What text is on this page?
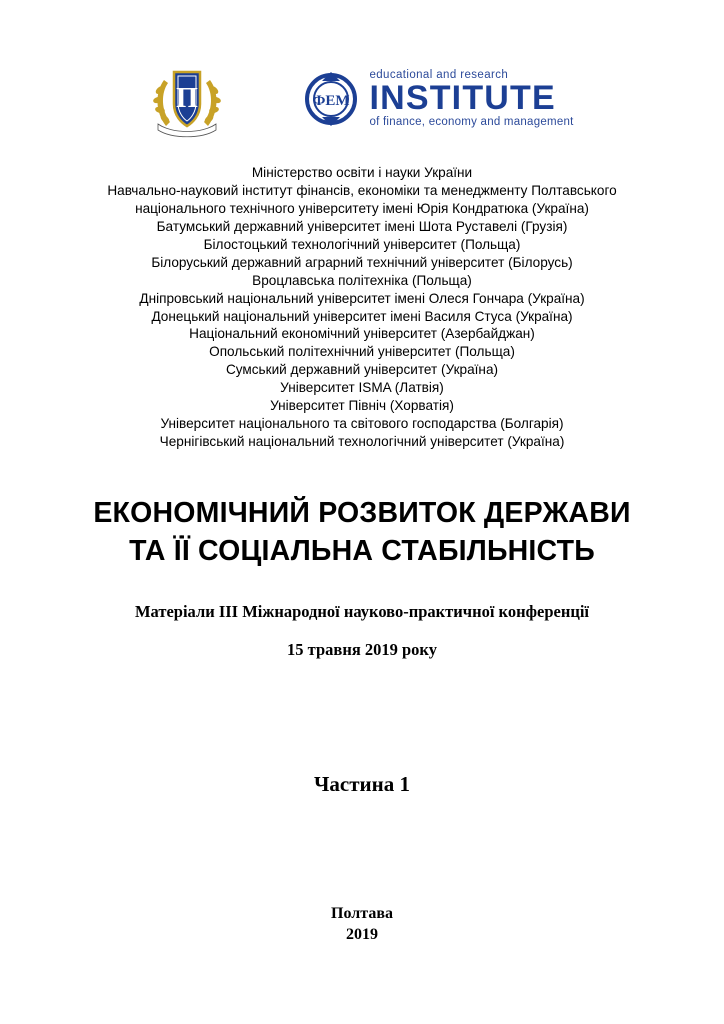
П	ФЕМ
educational and research
INSTITUTE
of finance, economy and management
Міністерство освіти і науки України
Навчально-науковий інститут фінансів, економіки та менеджменту Полтавського
національного технічного університету імені Юрія Кондратюка (Україна)
Батумський державний університет імені Шота Руставелі (Грузія)
Білостоцький технологічний університет (Польща)
Білоруський державний аграрний технічний університет (Білорусь)
Вроцлавська політехніка (Польща)
Дніпровський національний університет імені Олеся Гончара (Україна)
Донецький національний університет імені Василя Стуса (Україна)
Національний економічний університет (Азербайджан)
Опольський політехнічний університет (Польща)
Сумський державний університет (Україна)
Університет ISMA (Латвія)
Університет Північ (Хорватія)
Університет національного та світового господарства (Болгарія)
Чернігівський національний технологічний університет (Україна)
ЕКОНОМІЧНИЙ РОЗВИТОК ДЕРЖАВИ
ТА ЇЇ СОЦІАЛЬНА СТАБІЛЬНІСТЬ
Матеріали III Міжнародної науково-практичної конференції
15 травня 2019 року
Частина 1
Полтава
2019
